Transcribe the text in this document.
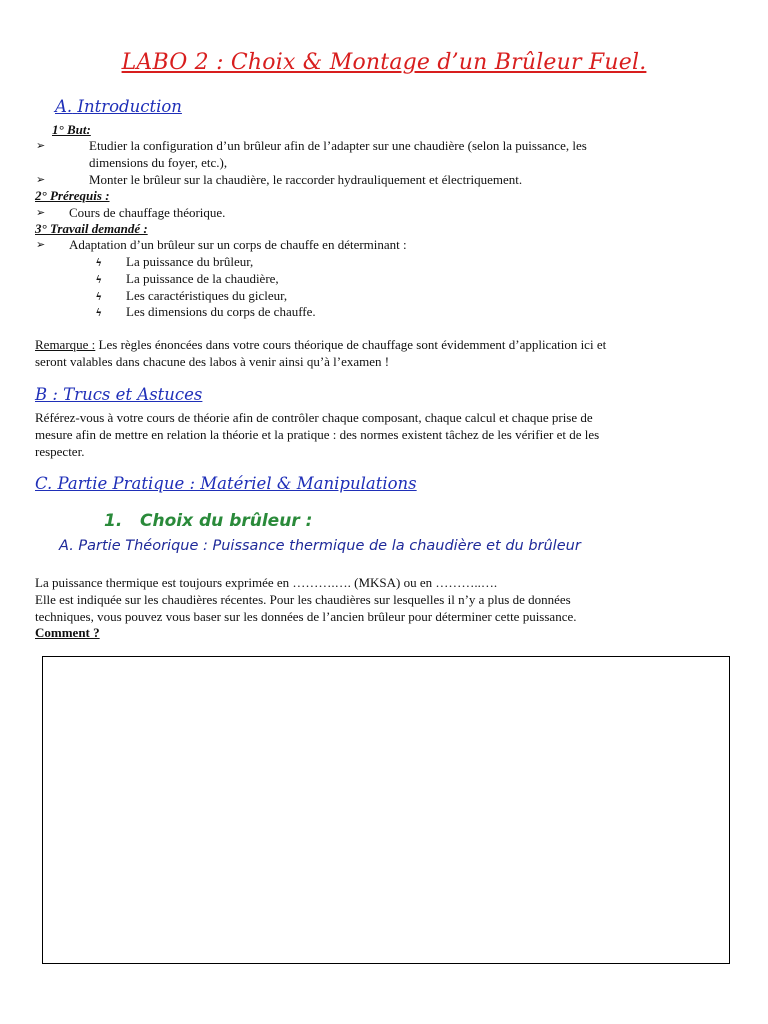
LABO 2 : Choix & Montage d’un Brûleur Fuel.
A. Introduction
1° But:
➢	Etudier la configuration d’un brûleur afin de l’adapter sur une chaudière (selon la puissance, les
dimensions du foyer, etc.),
➢	Monter le brûleur sur la chaudière, le raccorder hydrauliquement et électriquement.
2° Prérequis :
➢ Cours de chauffage théorique.
3° Travail demandé :
➢ Adaptation d’un brûleur sur un corps de chauffe en déterminant :
ϟ La puissance du brûleur,
ϟ La puissance de la chaudière,
ϟ Les caractéristiques du gicleur,
ϟ Les dimensions du corps de chauffe.
Remarque : Les règles énoncées dans votre cours théorique de chauffage sont évidemment d’application ici et
seront valables dans chacune des labos à venir ainsi qu’à l’examen !
B : Trucs et Astuces
Référez-vous à votre cours de théorie afin de contrôler chaque composant, chaque calcul et chaque prise de
mesure afin de mettre en relation la théorie et la pratique : des normes existent tâchez de les vérifier et de les
respecter.
C. Partie Pratique : Matériel & Manipulations
1.   Choix du brûleur :
A. Partie Théorique : Puissance thermique de la chaudière et du brûleur
La puissance thermique est toujours exprimée en ……….…. (MKSA) ou en ………..….
Elle est indiquée sur les chaudières récentes. Pour les chaudières sur lesquelles il n’y a plus de données
techniques, vous pouvez vous baser sur les données de l’ancien brûleur pour déterminer cette puissance.
Comment ?
